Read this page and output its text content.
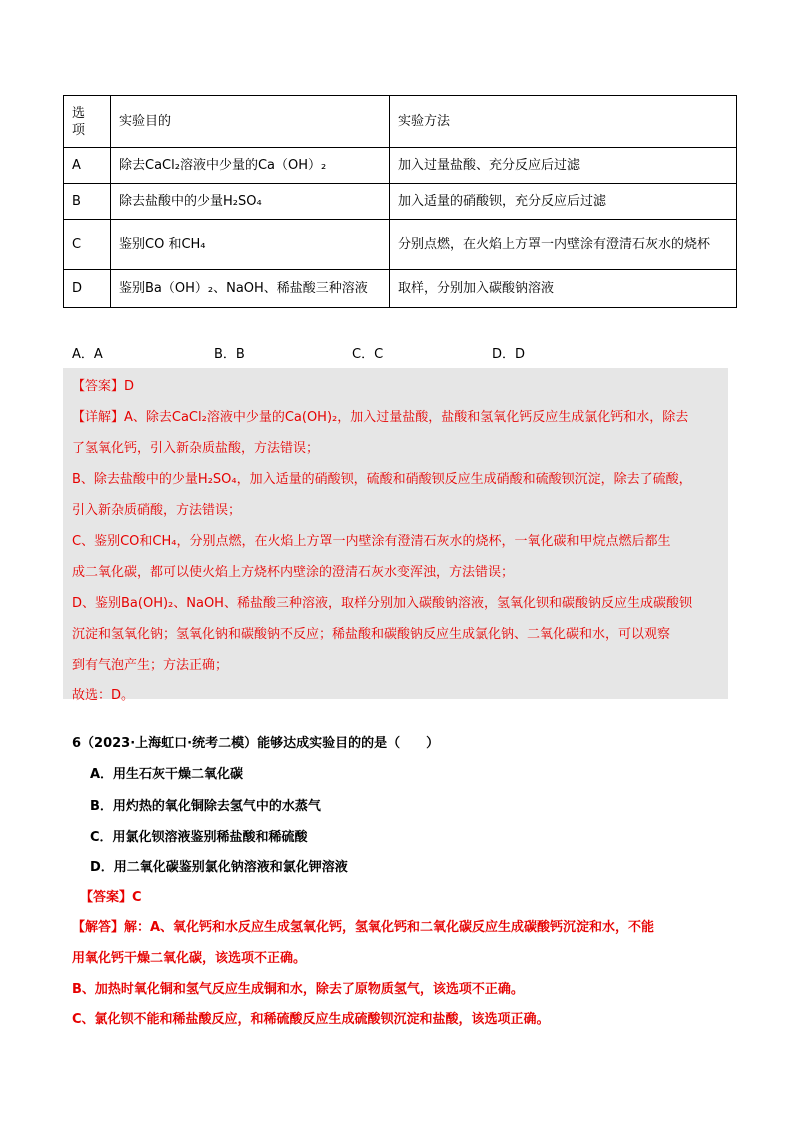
选
项	实验目的	实验方法
A	除去CaCl₂溶液中少量的Ca（OH）₂	加入过量盐酸、充分反应后过滤
B	除去盐酸中的少量H₂SO₄	加入适量的硝酸钡，充分反应后过滤
C	鉴别CO 和CH₄	分别点燃，在火焰上方罩一内壁涂有澄清石灰水的烧杯
D	鉴别Ba（OH）₂、NaOH、稀盐酸三种溶液	取样，分别加入碳酸钠溶液
A．A	B．B	C．C	D．D
【答案】D
【详解】A、除去CaCl₂溶液中少量的Ca(OH)₂，加入过量盐酸，盐酸和氢氧化钙反应生成氯化钙和水，除去
了氢氧化钙，引入新杂质盐酸，方法错误；
B、除去盐酸中的少量H₂SO₄，加入适量的硝酸钡，硫酸和硝酸钡反应生成硝酸和硫酸钡沉淀，除去了硫酸，
引入新杂质硝酸，方法错误；
C、鉴别CO和CH₄，分别点燃，在火焰上方罩一内壁涂有澄清石灰水的烧杯，一氧化碳和甲烷点燃后都生
成二氧化碳，都可以使火焰上方烧杯内壁涂的澄清石灰水变浑浊，方法错误；
D、鉴别Ba(OH)₂、NaOH、稀盐酸三种溶液，取样分别加入碳酸钠溶液，氢氧化钡和碳酸钠反应生成碳酸钡
沉淀和氢氧化钠；氢氧化钠和碳酸钠不反应；稀盐酸和碳酸钠反应生成氯化钠、二氧化碳和水，可以观察
到有气泡产生；方法正确；
故选：D。
6（2023·上海虹口·统考二模）能够达成实验目的的是（　　）
A．用生石灰干燥二氧化碳
B．用灼热的氧化铜除去氢气中的水蒸气
C．用氯化钡溶液鉴别稀盐酸和稀硫酸
D．用二氧化碳鉴别氯化钠溶液和氯化钾溶液
【答案】C
【解答】解：A、氧化钙和水反应生成氢氧化钙，氢氧化钙和二氧化碳反应生成碳酸钙沉淀和水，不能
用氧化钙干燥二氧化碳，该选项不正确。
B、加热时氧化铜和氢气反应生成铜和水，除去了原物质氢气，该选项不正确。
C、氯化钡不能和稀盐酸反应，和稀硫酸反应生成硫酸钡沉淀和盐酸，该选项正确。
